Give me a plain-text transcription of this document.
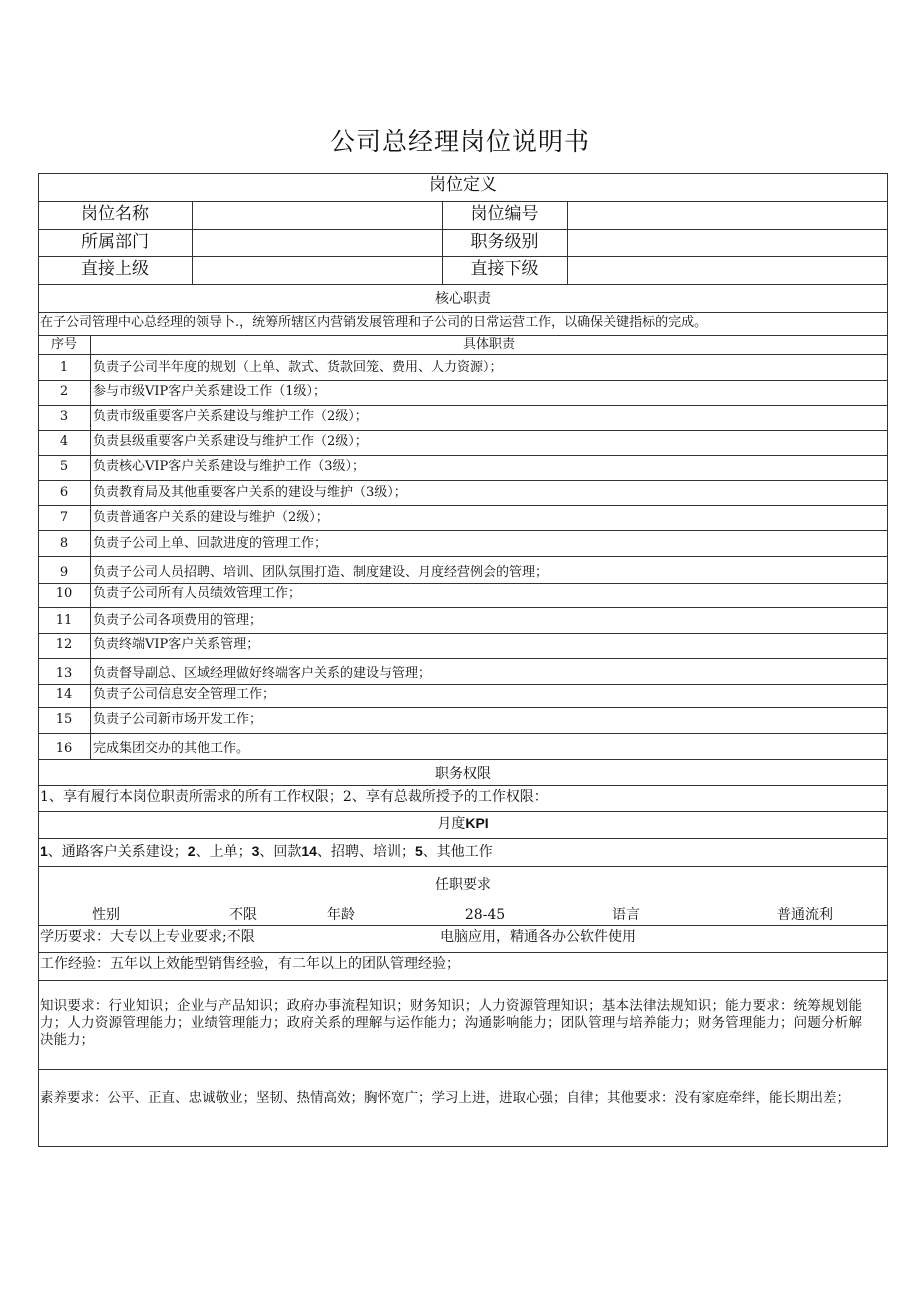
公司总经理岗位说明书
岗位定义
岗位名称	岗位编号
所属部门	职务级别
直接上级	直接下级
核心职责
在子公司管理中心总经理的领导卜.，统筹所辖区内营销发展管理和子公司的日常运营工作，以确保关键指标的完成。
序号	具体职责
1	负责子公司半年度的规划（上单、款式、货款回笼、费用、人力资源）；
2	参与市级VIP客户关系建设工作（1级）；
3	负责市级重要客户关系建设与维护工作（2级）；
4	负责县级重要客户关系建设与维护工作（2级）；
5	负责核心VIP客户关系建设与维护工作（3级）；
6	负责教育局及其他重要客户关系的建设与维护（3级）；
7	负责普通客户关系的建设与维护（2级）；
8	负责子公司上单、回款进度的管理工作；
9	负责子公司人员招聘、培训、团队氛围打造、制度建设、月度经营例会的管理；
10	负责子公司所有人员绩效管理工作；
11	负责子公司各项费用的管理；
12	负责终端VIP客户关系管理；
13	负责督导副总、区域经理做好终端客户关系的建设与管理；
14	负责子公司信息安全管理工作；
15	负责子公司新市场开发工作；
16	完成集团交办的其他工作。
职务权限
1、享有履行本岗位职责所需求的所有工作权限；2、享有总裁所授予的工作权限：
月度KPI
1、通路客户关系建设；2、上单；3、回款14、招聘、培训；5、其他工作
任职要求
性别	不限	年龄	28-45	语言	普通流利
学历要求：大专以上专业要求;不限	电脑应用，精通各办公软件使用
工作经验：五年以上效能型销售经验，有二年以上的团队管理经验；
知识要求：行业知识；企业与产品知识；政府办事流程知识；财务知识；人力资源管理知识；基本法律法规知识；能力要求：统筹规划能力；人力资源管理能力；业绩管理能力；政府关系的理解与运作能力；沟通影响能力；团队管理与培养能力；财务管理能力；问题分析解决能力；
素养要求：公平、正直、忠诚敬业；坚韧、热情高效；胸怀宽广；学习上进，进取心强；自律；其他要求：没有家庭牵绊，能长期出差；
